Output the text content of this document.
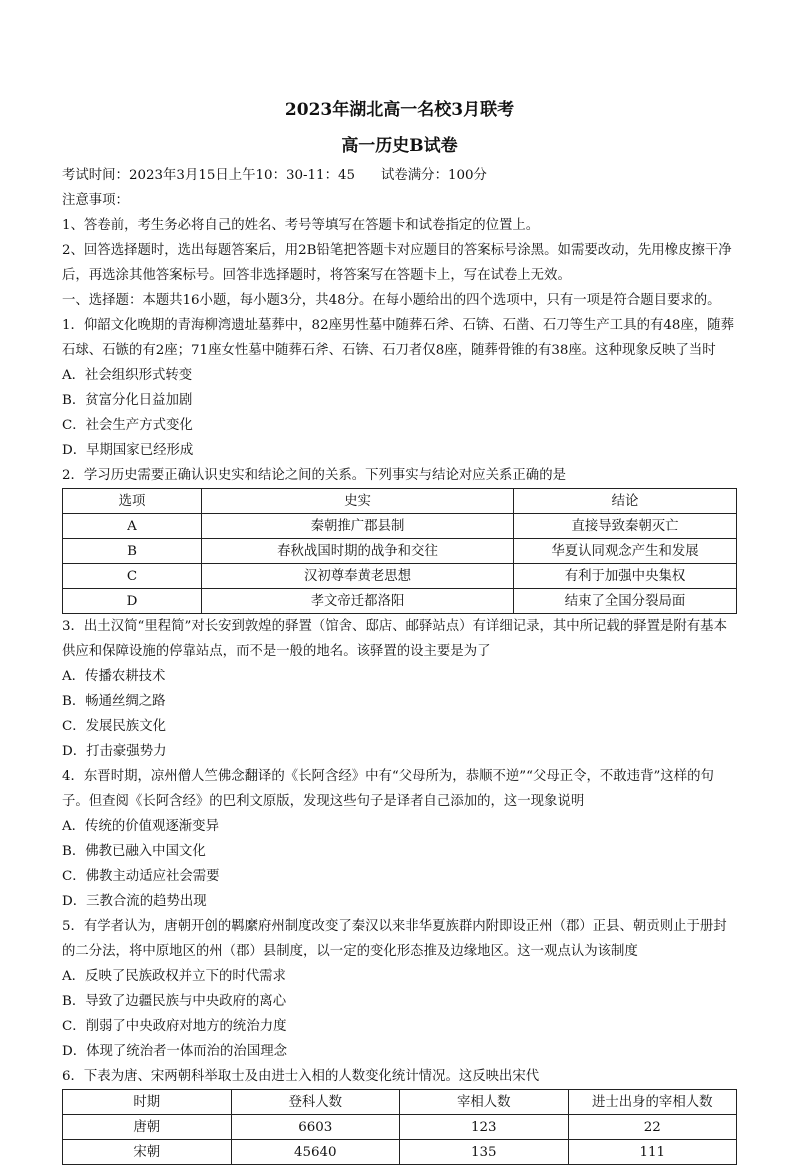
2023年湖北高一名校3月联考

高一历史B试卷

考试时间：2023年3月15日上午10：30-11：45 试卷满分：100分

注意事项：

1、答卷前，考生务必将自己的姓名、考号等填写在答题卡和试卷指定的位置上。

2、回答选择题时，选出每题答案后，用2B铅笔把答题卡对应题目的答案标号涂黑。如需要改动，先用橡皮擦干净后，再选涂其他答案标号。回答非选择题时，将答案写在答题卡上，写在试卷上无效。

一、选择题：本题共16小题，每小题3分，共48分。在每小题给出的四个选项中，只有一项是符合题目要求的。

1．仰韶文化晚期的青海柳湾遗址墓葬中，82座男性墓中随葬石斧、石锛、石凿、石刀等生产工具的有48座，随葬石球、石镞的有2座；71座女性墓中随葬石斧、石锛、石刀者仅8座，随葬骨锥的有38座。这种现象反映了当时

A．社会组织形式转变
B．贫富分化日益加剧
C．社会生产方式变化
D．早期国家已经形成

2．学习历史需要正确认识史实和结论之间的关系。下列事实与结论对应关系正确的是

选项	史实	结论
A	秦朝推广郡县制	直接导致秦朝灭亡
B	春秋战国时期的战争和交往	华夏认同观念产生和发展
C	汉初尊奉黄老思想	有利于加强中央集权
D	孝文帝迁都洛阳	结束了全国分裂局面

3．出土汉简“里程简”对长安到敦煌的驿置（馆舍、邸店、邮驿站点）有详细记录，其中所记载的驿置是附有基本供应和保障设施的停靠站点，而不是一般的地名。该驿置的设主要是为了

A．传播农耕技术
B．畅通丝绸之路
C．发展民族文化
D．打击豪强势力

4．东晋时期，凉州僧人竺佛念翻译的《长阿含经》中有“父母所为，恭顺不逆”“父母正令，不敢违背”这样的句子。但查阅《长阿含经》的巴利文原版，发现这些句子是译者自己添加的，这一现象说明

A．传统的价值观逐渐变异
B．佛教已融入中国文化
C．佛教主动适应社会需要
D．三教合流的趋势出现

5．有学者认为，唐朝开创的羁縻府州制度改变了秦汉以来非华夏族群内附即设正州（郡）正县、朝贡则止于册封的二分法，将中原地区的州（郡）县制度，以一定的变化形态推及边缘地区。这一观点认为该制度

A．反映了民族政权并立下的时代需求
B．导致了边疆民族与中央政府的离心
C．削弱了中央政府对地方的统治力度
D．体现了统治者一体而治的治国理念

6．下表为唐、宋两朝科举取士及由进士入相的人数变化统计情况。这反映出宋代

时期	登科人数	宰相人数	进士出身的宰相人数
唐朝	6603	123	22
宋朝	45640	135	111
